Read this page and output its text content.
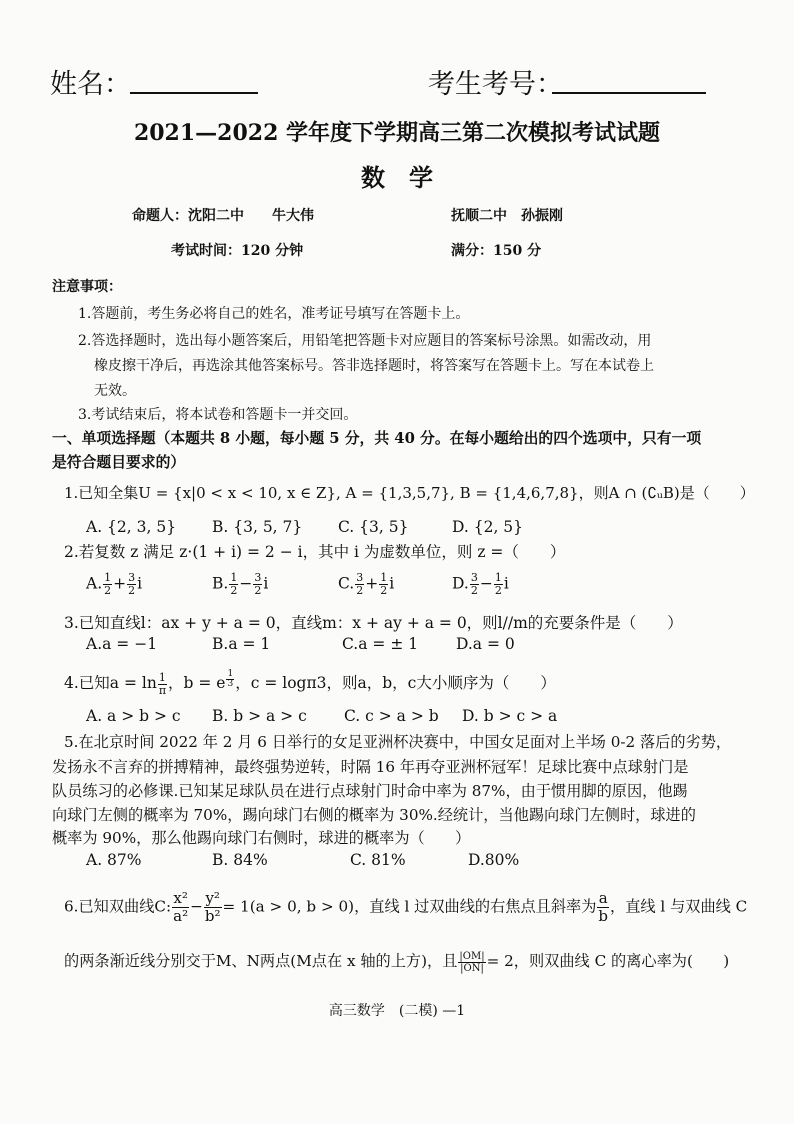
姓名：	考生考号：
2021—2022 学年度下学期高三第二次模拟考试试题
数　学
命题人：沈阳二中　　牛大伟	抚顺二中　孙振刚
考试时间：120 分钟	满分：150 分
注意事项：
1.答题前，考生务必将自己的姓名，准考证号填写在答题卡上。
2.答选择题时，选出每小题答案后，用铅笔把答题卡对应题目的答案标号涂黑。如需改动，用
橡皮擦干净后，再选涂其他答案标号。答非选择题时，将答案写在答题卡上。写在本试卷上
无效。
3.考试结束后，将本试卷和答题卡一并交回。
一、单项选择题（本题共 8 小题，每小题 5 分，共 40 分。在每小题给出的四个选项中，只有一项
是符合题目要求的）
1.已知全集U = {x|0 < x < 10, x ∈ Z}, A = {1,3,5,7}, B = {1,4,6,7,8}，则A ∩ (∁ᵤB)是（　　）
A. {2, 3, 5} B. {3, 5, 7} C. {3, 5}	D. {2, 5}
2.若复数 z 满足 z·(1 + i) = 2 − i，其中 i 为虚数单位，则 z =（　　）
A. $\frac{1}{2} + \frac{3}{2}$ i	B. $\frac{1}{2} - \frac{3}{2}$ i	C. $\frac{3}{2} + \frac{1}{2}$ i	D. $\frac{3}{2} - \frac{1}{2}$ i
3.已知直线l：ax + y + a = 0，直线m：x + ay + a = 0，则l//m的充要条件是（　　）
A.a = −1	B.a = 1	C.a = ± 1 D.a = 0
4.已知$a = \ln \frac{1}{\pi}$ ，b = e $^{\frac{1}{3}}$ ，c = logπ3，则a，b，c大小顺序为（　　）
A. a > b > c B. b > a > c C. c > a > b D. b > c > a
5.在北京时间 2022 年 2 月 6 日举行的女足亚洲杯决赛中，中国女足面对上半场 0-2 落后的劣势，
发扬永不言弃的拼搏精神，最终强势逆转，时隔 16 年再夺亚洲杯冠军！足球比赛中点球射门是
队员练习的必修课.已知某足球队员在进行点球射门时命中率为 87%，由于惯用脚的原因，他踢
向球门左侧的概率为 70%，踢向球门右侧的概率为 30%.经统计，当他踢向球门左侧时，球进的
概率为 90%，那么他踢向球门右侧时，球进的概率为（　　）
A. 87%	B. 84%	C. 81%	D.80%
6.已知双曲线C: $\frac{\text{x²}}{\text{a²}} - \frac{\text{y²}}{\text{b²}} = 1(a > 0$, b > 0)，直线 l 过双曲线的右焦点且斜率为 $\frac{a}{b}$ ，直线 l 与双曲线 C
的两条渐近线分别交于M、N两点(M点在 x 轴的上方)，且 $\frac{|OM|}{|ON|} = 2$，则双曲线 C 的离心率为(　　)
高三数学　(二模) —1
